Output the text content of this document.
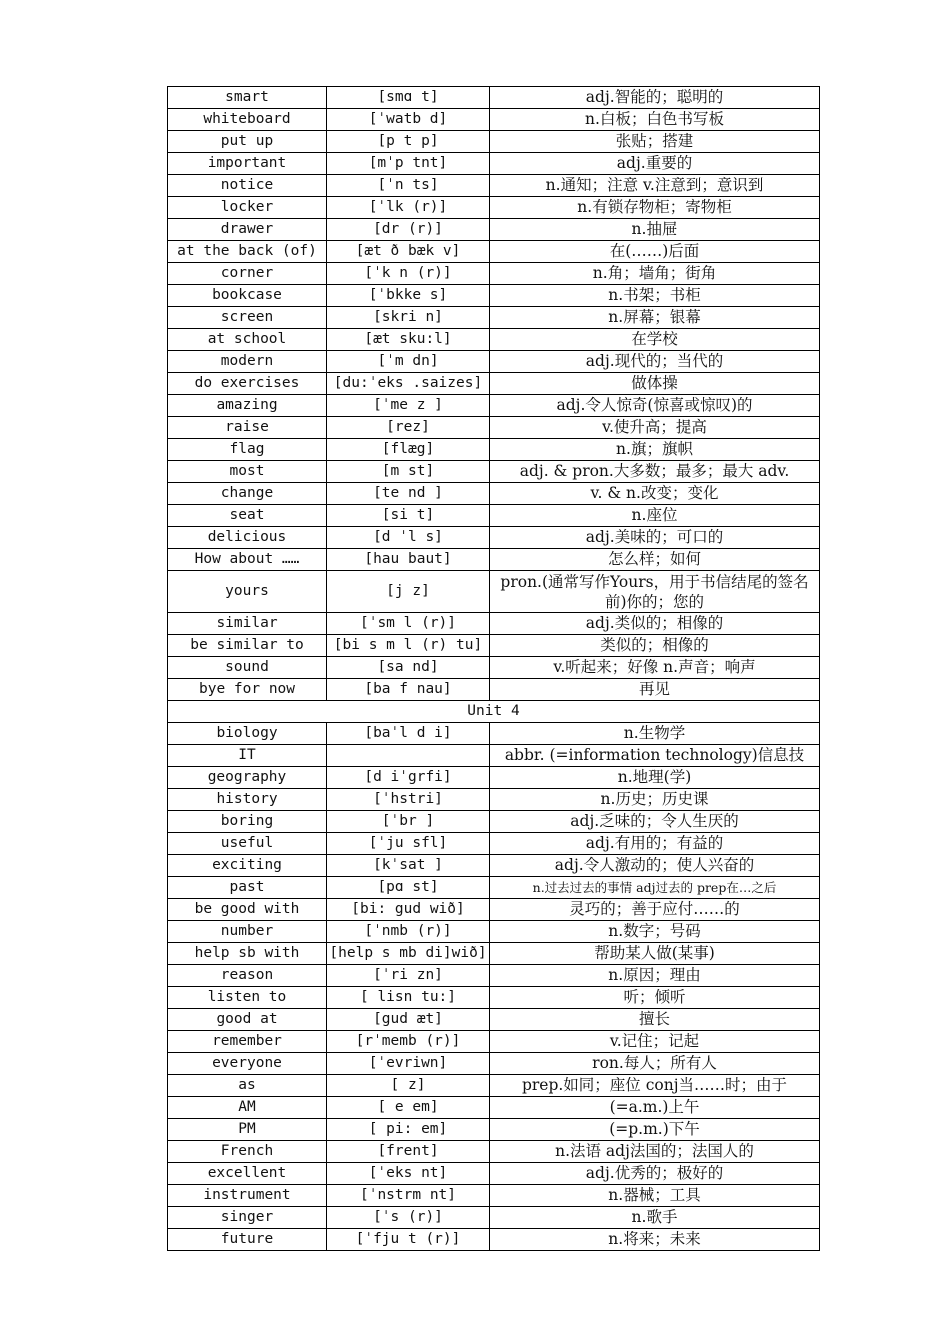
smart	[smɑ t]	adj.智能的；聪明的
whiteboard	[ˈwatb d]	n.白板；白色书写板
put up	[p t p]	张贴；搭建
important	[mˈp tnt]	adj.重要的
notice	[ˈn ts]	n.通知；注意 v.注意到；意识到
locker	[ˈlk (r)]	n.有锁存物柜；寄物柜
drawer	[dr (r)]	n.抽屉
at the back (of)	[æt ð bæk v]	在(……)后面
corner	[ˈk n (r)]	n.角；墙角；街角
bookcase	[ˈbkke s]	n.书架；书柜
screen	[skri n]	n.屏幕；银幕
at school	[æt sku:l]	在学校
modern	[ˈm dn]	adj.现代的；当代的
do exercises	[du:ˈeks .saizes]	做体操
amazing	[ˈme z ]	adj.令人惊奇(惊喜或惊叹)的
raise	[rez]	v.使升高；提高
flag	[flæg]	n.旗；旗帜
most	[m st]	adj. & pron.大多数；最多；最大 adv.
change	[te nd ]	v. & n.改变；变化
seat	[si t]	n.座位
delicious	[d ˈl s]	adj.美味的；可口的
How about ……	[hau baut]	怎么样；如何
yours	[j z]	pron.(通常写作Yours，用于书信结尾的签名前)你的；您的
similar	[ˈsm l (r)]	adj.类似的；相像的
be similar to	[bi s m l (r) tu]	类似的；相像的
sound	[sa nd]	v.听起来；好像 n.声音；响声
bye for now	[ba f nau]	再见
Unit 4		
biology	[baˈl d i]	n.生物学
IT		abbr. (=information technology)信息技
geography	[d iˈgrfi]	n.地理(学)
history	[ˈhstri]	n.历史；历史课
boring	[ˈbr ]	adj.乏味的；令人生厌的
useful	[ˈju sfl]	adj.有用的；有益的
exciting	[kˈsat ]	adj.令人激动的；使人兴奋的
past	[pɑ st]	n.过去过去的事情 adj过去的 prep在…之后
be good with	[bi: gud wið]	灵巧的；善于应付……的
number	[ˈnmb (r)]	n.数字；号码
help sb with	[help s mb di]wið]	帮助某人做(某事)
reason	[ˈri zn]	n.原因；理由
listen to	[ lisn tu:]	听；倾听
good at	[gud æt]	擅长
remember	[rˈmemb (r)]	v.记住；记起
everyone	[ˈevriwn]	ron.每人；所有人
as	[ z]	prep.如同；座位 conj当……时；由于
AM	[ e em]	(=a.m.)上午
PM	[ pi: em]	(=p.m.)下午
French	[frent]	n.法语 adj法国的；法国人的
excellent	[ˈeks nt]	adj.优秀的；极好的
instrument	[ˈnstrm nt]	n.器械；工具
singer	[ˈs (r)]	n.歌手
future	[ˈfju t (r)]	n.将来；未来
